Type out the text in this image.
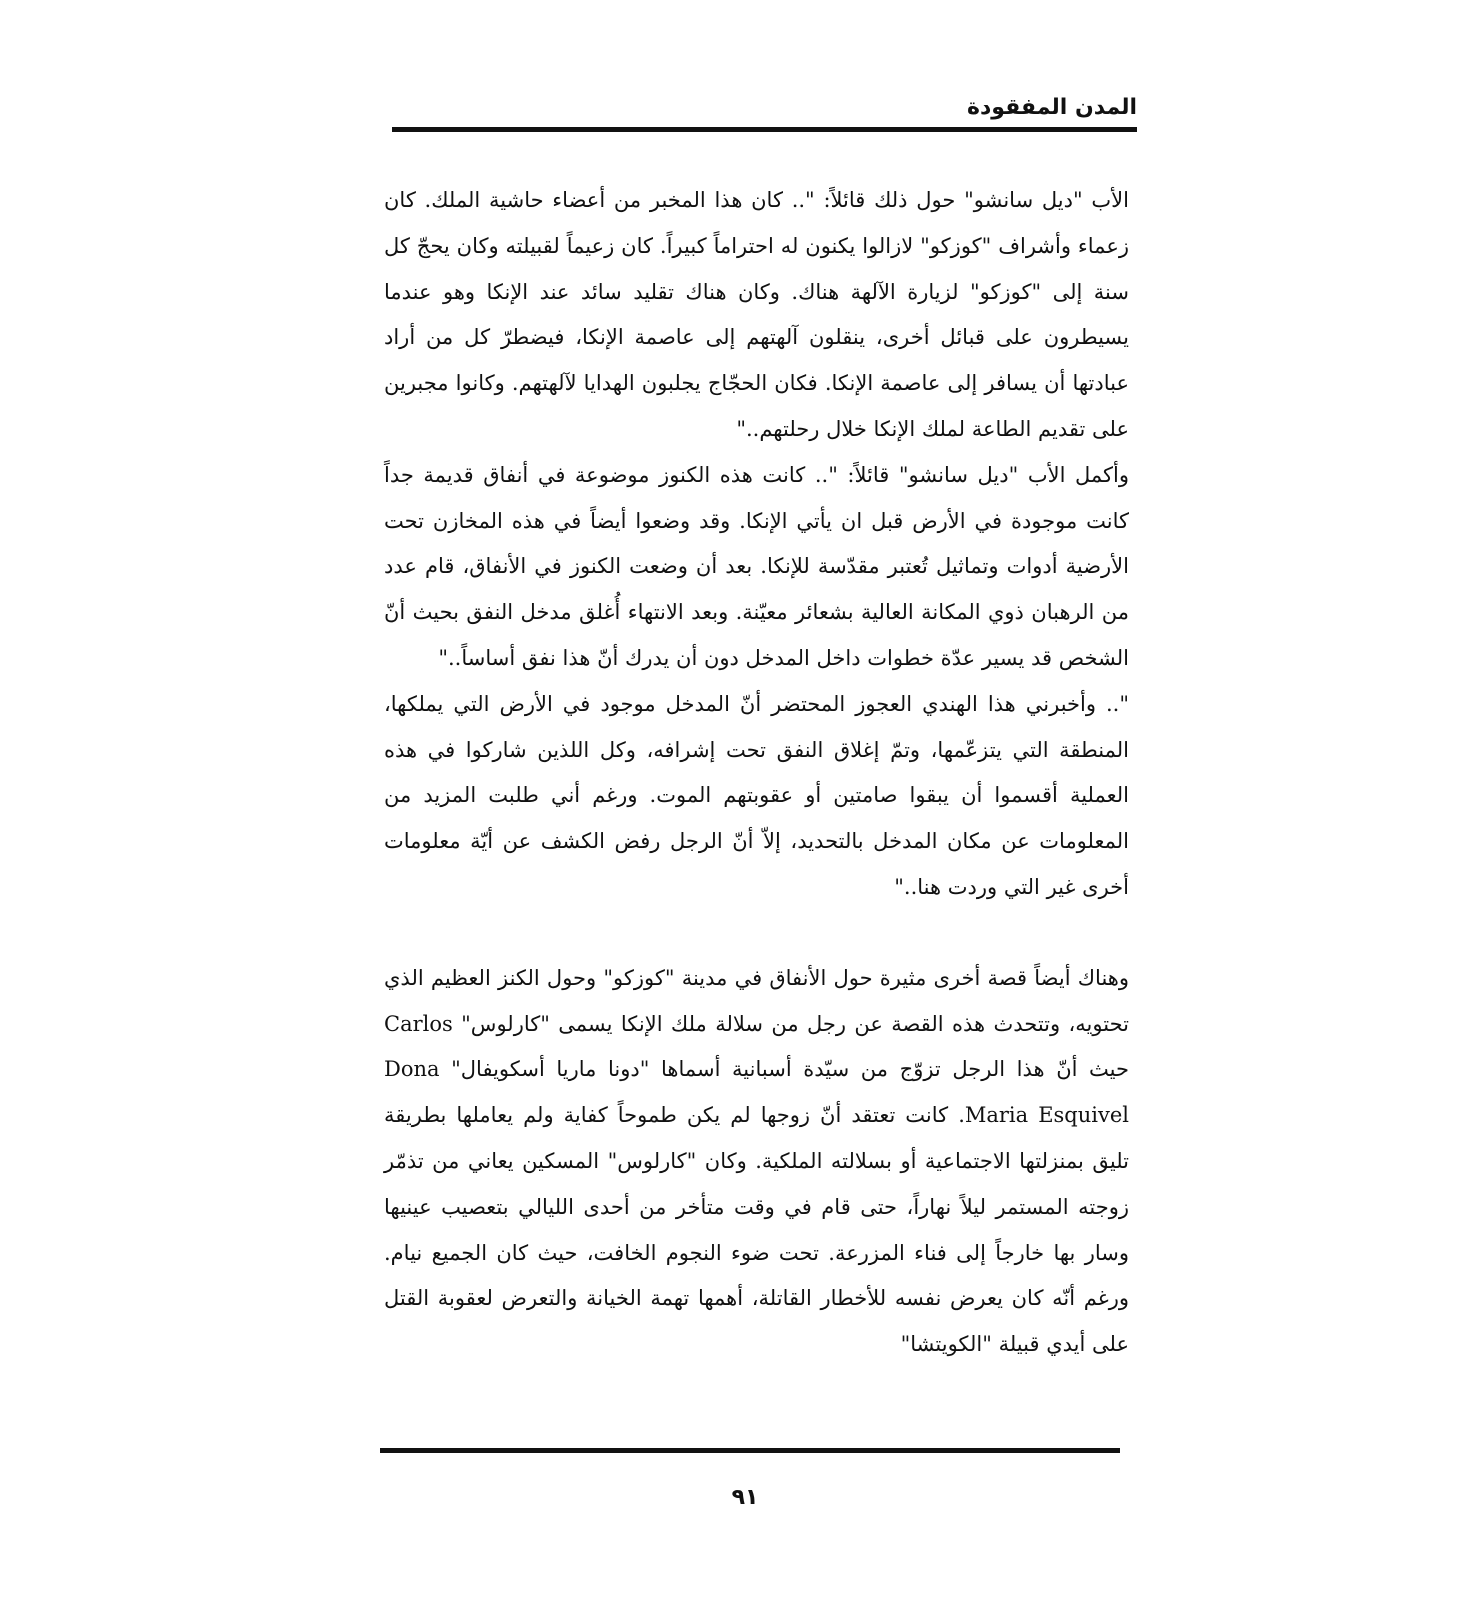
المدن المفقودة

الأب "ديل سانشو" حول ذلك قائلاً: ".. كان هذا المخبر من أعضاء حاشية الملك. كان زعماء وأشراف "كوزكو" لازالوا يكنون له احتراماً كبيراً. كان زعيماً لقبيلته وكان يحجّ كل سنة إلى "كوزكو" لزيارة الآلهة هناك. وكان هناك تقليد سائد عند الإنكا وهو عندما يسيطرون على قبائل أخرى، ينقلون آلهتهم إلى عاصمة الإنكا، فيضطرّ كل من أراد عبادتها أن يسافر إلى عاصمة الإنكا. فكان الحجّاج يجلبون الهدايا لآلهتهم. وكانوا مجبرين على تقديم الطاعة لملك الإنكا خلال رحلتهم.."

وأكمل الأب "ديل سانشو" قائلاً: ".. كانت هذه الكنوز موضوعة في أنفاق قديمة جداً كانت موجودة في الأرض قبل ان يأتي الإنكا. وقد وضعوا أيضاً في هذه المخازن تحت الأرضية أدوات وتماثيل تُعتبر مقدّسة للإنكا. بعد أن وضعت الكنوز في الأنفاق، قام عدد من الرهبان ذوي المكانة العالية بشعائر معيّنة. وبعد الانتهاء أُغلق مدخل النفق بحيث أنّ الشخص قد يسير عدّة خطوات داخل المدخل دون أن يدرك أنّ هذا نفق أساساً.."

".. وأخبرني هذا الهندي العجوز المحتضر أنّ المدخل موجود في الأرض التي يملكها، المنطقة التي يتزعّمها، وتمّ إغلاق النفق تحت إشرافه، وكل اللذين شاركوا في هذه العملية أقسموا أن يبقوا صامتين أو عقوبتهم الموت. ورغم أني طلبت المزيد من المعلومات عن مكان المدخل بالتحديد، إلاّ أنّ الرجل رفض الكشف عن أيّة معلومات أخرى غير التي وردت هنا.."

وهناك أيضاً قصة أخرى مثيرة حول الأنفاق في مدينة "كوزكو" وحول الكنز العظيم الذي تحتويه، وتتحدث هذه القصة عن رجل من سلالة ملك الإنكا يسمى "كارلوس" Carlos حيث أنّ هذا الرجل تزوّج من سيّدة أسبانية أسماها "دونا ماريا أسكويفال" Dona Maria Esquivel. كانت تعتقد أنّ زوجها لم يكن طموحاً كفاية ولم يعاملها بطريقة تليق بمنزلتها الاجتماعية أو بسلالته الملكية. وكان "كارلوس" المسكين يعاني من تذمّر زوجته المستمر ليلاً نهاراً، حتى قام في وقت متأخر من أحدى الليالي بتعصيب عينيها وسار بها خارجاً إلى فناء المزرعة. تحت ضوء النجوم الخافت، حيث كان الجميع نيام. ورغم أنّه كان يعرض نفسه للأخطار القاتلة، أهمها تهمة الخيانة والتعرض لعقوبة القتل على أيدي قبيلة "الكويتشا"

٩١
